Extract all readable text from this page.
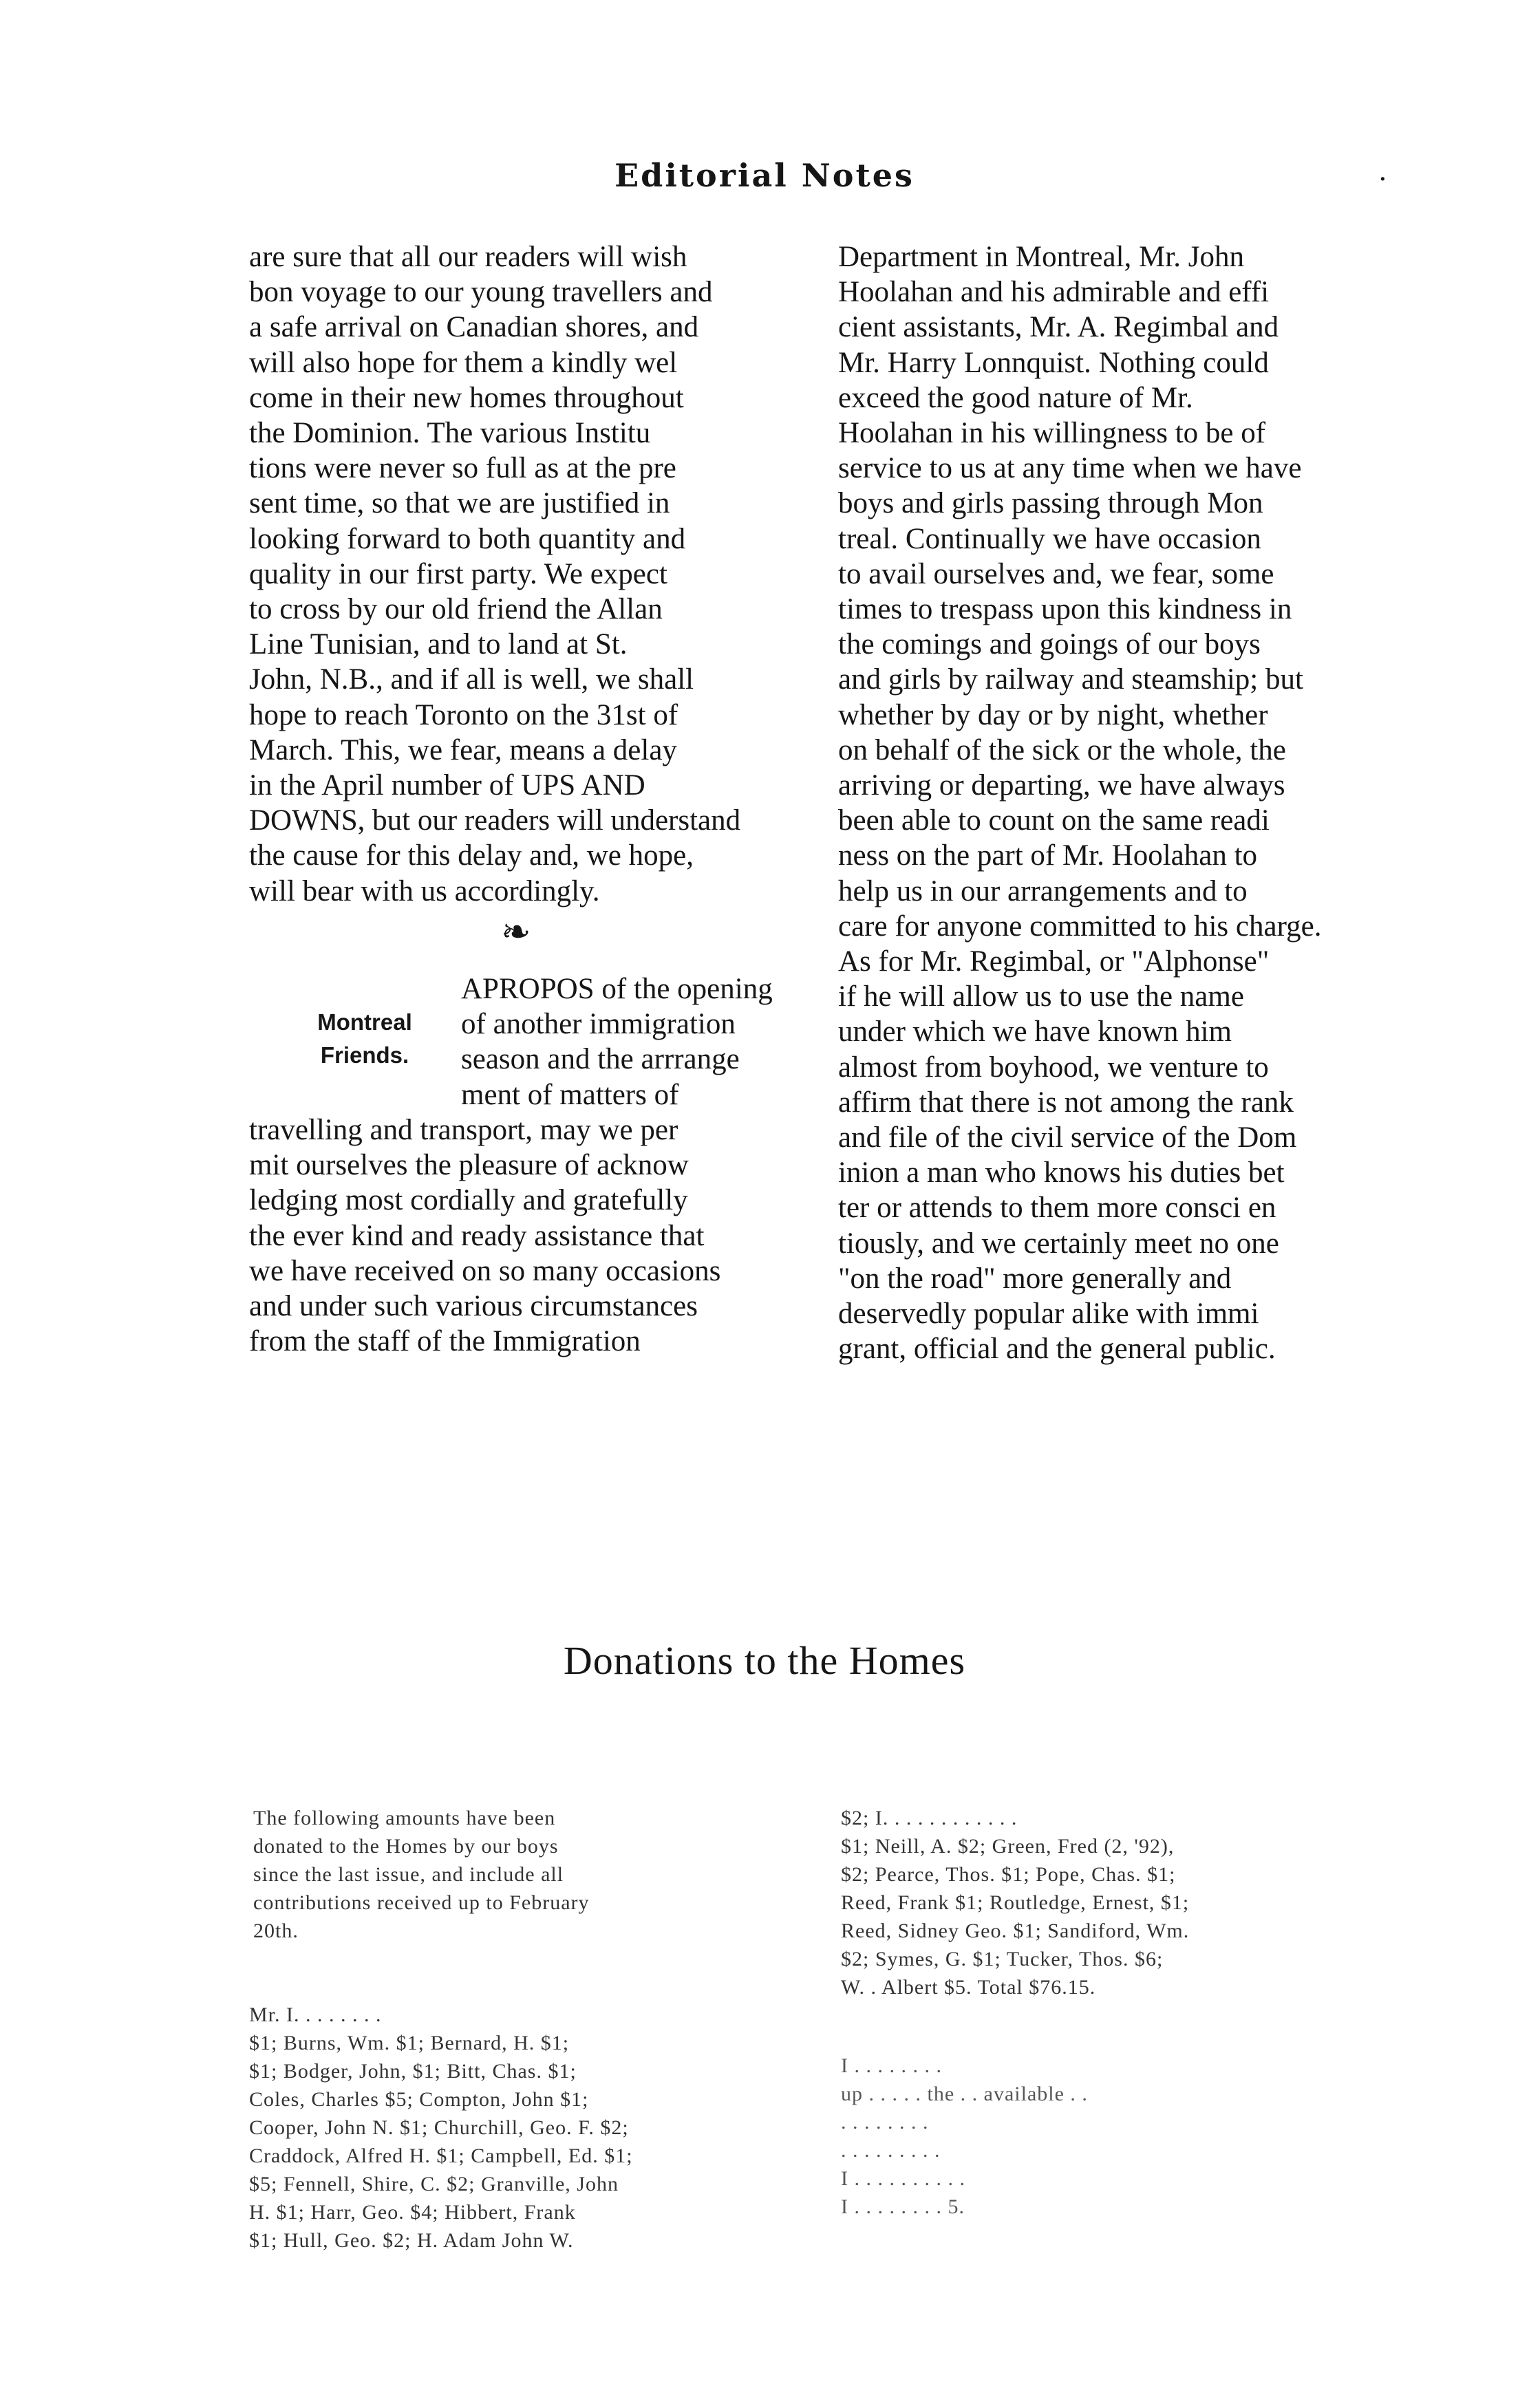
Editorial Notes	.

are sure that all our readers will wish

bon voyage to our young travellers and

a safe arrival on Canadian shores, and

will also hope for them a kindly wel

come in their new homes throughout

the Dominion. The various Institu

tions were never so full as at the pre

sent time, so that we are justified in

looking forward to both quantity and

quality in our first party. We expect

to cross by our old friend the Allan

Line Tunisian, and to land at St.

John, N.B., and if all is well, we shall

hope to reach Toronto on the 31st of

March. This, we fear, means a delay

in the April number of UPS AND

DOWNS, but our readers will understand

the cause for this delay and, we hope,

will bear with us accordingly.

❧
Montreal
Friends.
APROPOS of the opening
of another immigration
season and the arrrange
ment of matters of
travelling and transport, may we per
mit ourselves the pleasure of acknow
ledging most cordially and gratefully
the ever kind and ready assistance that
we have received on so many occasions
and under such various circumstances
from the staff of the Immigration

Department in Montreal, Mr. John

Hoolahan and his admirable and effi

cient assistants, Mr. A. Regimbal and

Mr. Harry Lonnquist. Nothing could

exceed the good nature of Mr.

Hoolahan in his willingness to be of

service to us at any time when we have

boys and girls passing through Mon

treal. Continually we have occasion

to avail ourselves and, we fear, some

times to trespass upon this kindness in

the comings and goings of our boys

and girls by railway and steamship; but

whether by day or by night, whether

on behalf of the sick or the whole, the

arriving or departing, we have always

been able to count on the same readi

ness on the part of Mr. Hoolahan to

help us in our arrangements and to

care for anyone committed to his charge.

As for Mr. Regimbal, or "Alphonse"

if he will allow us to use the name

under which we have known him

almost from boyhood, we venture to

affirm that there is not among the rank

and file of the civil service of the Dom

inion a man who knows his duties bet

ter or attends to them more consci en

tiously, and we certainly meet no one

"on the road" more generally and

deservedly popular alike with immi

grant, official and the general public.

Donations to the Homes

The following amounts have been

donated to the Homes by our boys

since the last issue, and include all

contributions received up to February

20th.

Mr. I. . . . . . . .

$1; Burns, Wm. $1; Bernard, H. $1;

$1; Bodger, John, $1; Bitt, Chas. $1;

Coles, Charles $5; Compton, John $1;

Cooper, John N. $1; Churchill, Geo. F. $2;

Craddock, Alfred H. $1; Campbell, Ed. $1;

$5; Fennell, Shire, C. $2; Granville, John

H. $1; Harr, Geo. $4; Hibbert, Frank

$1; Hull, Geo. $2; H. Adam John W.

$2; I. . . . . . . . . . . .

$1; Neill, A. $2; Green, Fred (2, '92),

$2; Pearce, Thos. $1; Pope, Chas. $1;

Reed, Frank $1; Routledge, Ernest, $1;

Reed, Sidney Geo. $1; Sandiford, Wm.

$2; Symes, G. $1; Tucker, Thos. $6;

W. . Albert $5. Total $76.15.

I . . . . . . . .

up . . . . . the . . available . .

. . . . . . . .

. . . . . . . . .

I . . . . . . . . . .

I . . . . . . . . 5.
